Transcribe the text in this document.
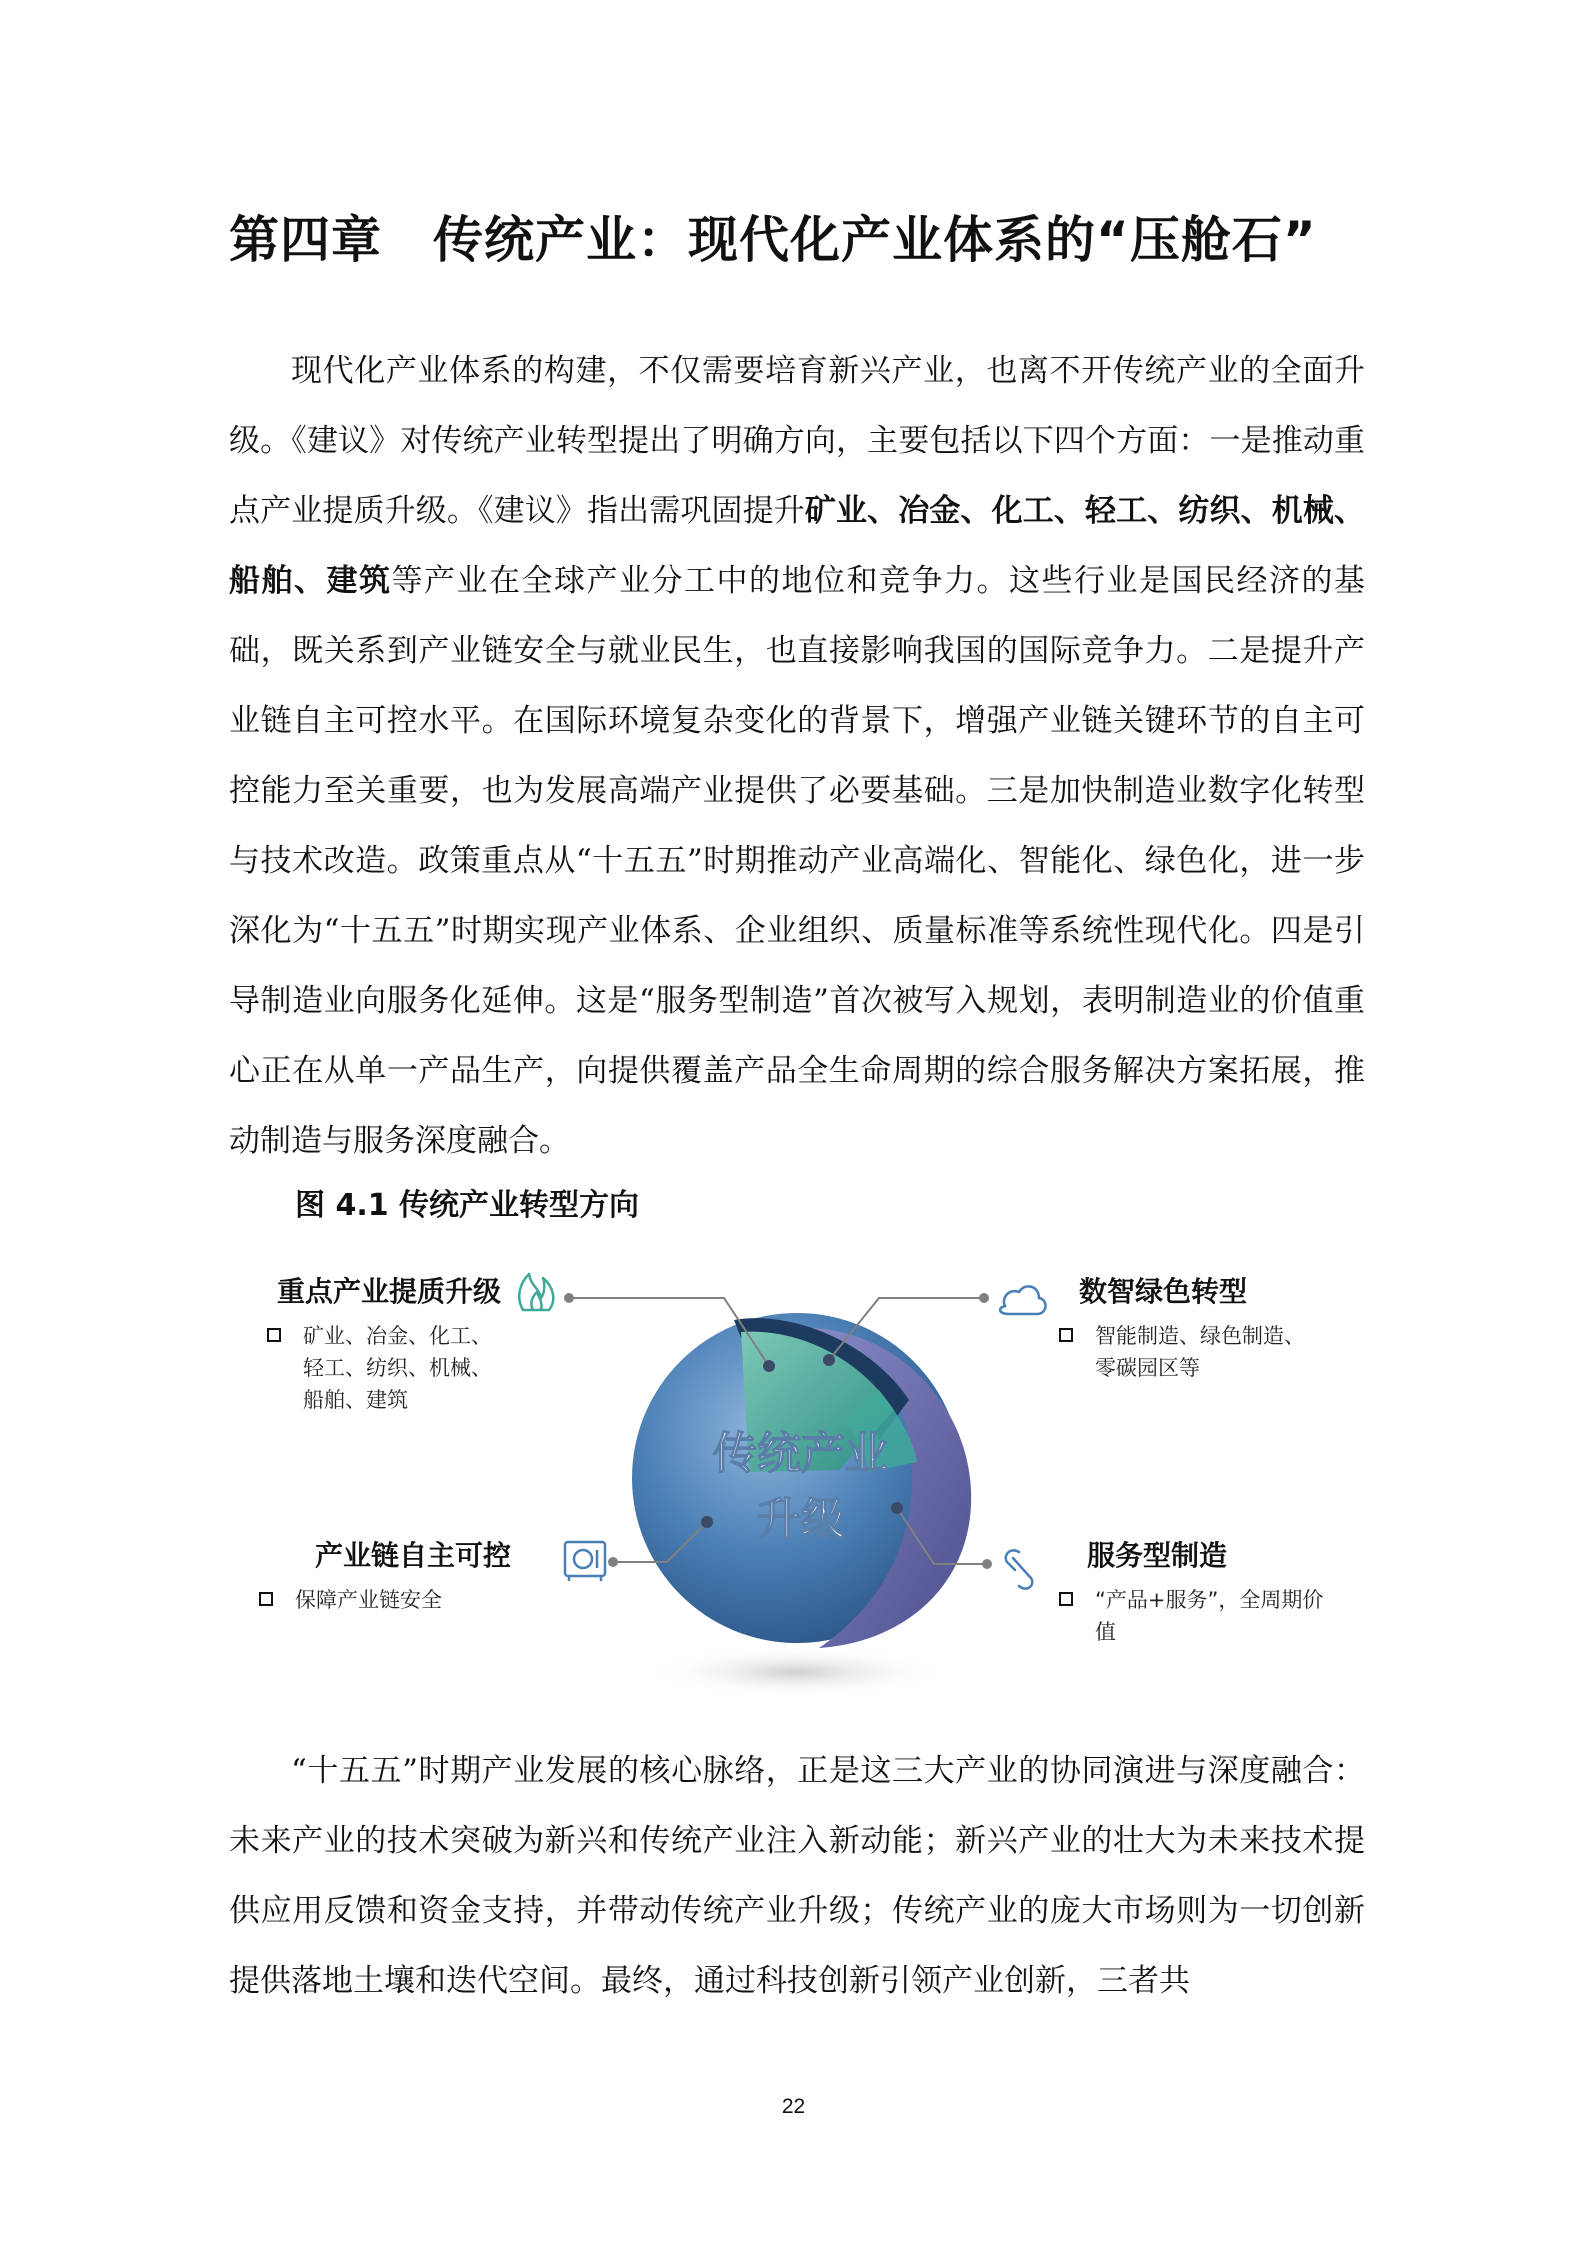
第四章　传统产业：现代化产业体系的“压舱石”

现代化产业体系的构建，不仅需要培育新兴产业，也离不开传统产业的全面升级。《建议》对传统产业转型提出了明确方向，主要包括以下四个方面：一是推动重点产业提质升级。《建议》指出需巩固提升矿业、冶金、化工、轻工、纺织、机械、船舶、建筑等产业在全球产业分工中的地位和竞争力。这些行业是国民经济的基础，既关系到产业链安全与就业民生，也直接影响我国的国际竞争力。二是提升产业链自主可控水平。在国际环境复杂变化的背景下，增强产业链关键环节的自主可控能力至关重要，也为发展高端产业提供了必要基础。三是加快制造业数字化转型与技术改造。政策重点从“十五五”时期推动产业高端化、智能化、绿色化，进一步深化为“十五五”时期实现产业体系、企业组织、质量标准等系统性现代化。四是引导制造业向服务化延伸。这是“服务型制造”首次被写入规划，表明制造业的价值重心正在从单一产品生产，向提供覆盖产品全生命周期的综合服务解决方案拓展，推动制造与服务深度融合。

图 4.1 传统产业转型方向

传统产业
升级
重点产业提质升级
矿业、冶金、化工、轻工、纺织、机械、船舶、建筑
数智绿色转型
智能制造、绿色制造、零碳园区等
产业链自主可控
保障产业链安全
服务型制造
“产品+服务”，全周期价值

“十五五”时期产业发展的核心脉络，正是这三大产业的协同演进与深度融合：未来产业的技术突破为新兴和传统产业注入新动能；新兴产业的壮大为未来技术提供应用反馈和资金支持，并带动传统产业升级；传统产业的庞大市场则为一切创新提供落地土壤和迭代空间。最终，通过科技创新引领产业创新，三者共

22
